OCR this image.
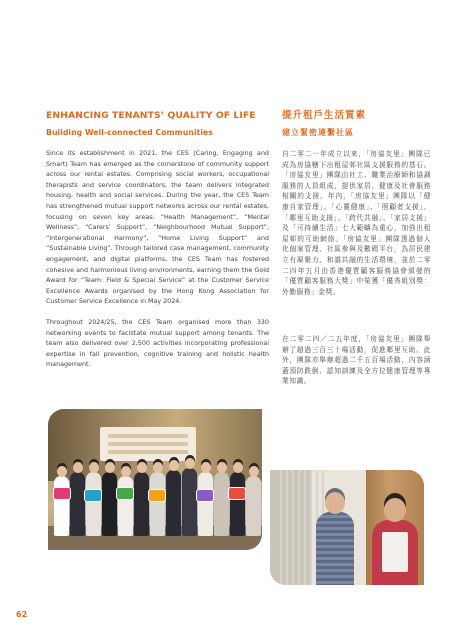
ENHANCING TENANTS’ QUALITY OF LIFE
Building Well-connected Communities

Since its establishment in 2021, the CES (Caring, Engaging and Smart) Team has emerged as the cornerstone of community support across our rental estates. Comprising social workers, occupational therapists and service coordinators, the team delivers integrated housing, health and social services. During the year, the CES Team has strengthened mutual support networks across our rental estates, focusing on seven key areas: “Health Management”, “Mental Wellness”, “Carers’ Support”, “Neighbourhood Mutual Support”, “Intergenerational Harmony”, “Home Living Support” and “Sustainable Living”. Through tailored case management, community engagement, and digital platforms, the CES Team has fostered cohesive and harmonious living environments, earning them the Gold Award for “Team: Field & Special Service” at the Customer Service Excellence Awards organised by the Hong Kong Association for Customer Service Excellence in May 2024.

Throughout 2024/25, the CES Team organised more than 330 networking events to facilitate mutual support among tenants. The team also delivered over 2,500 activities incorporating professional expertise in fall prevention, cognitive training and holistic health management.

提升租戶生活質素
建立緊密連繫社區

自二零二一年成立以來，「房協友里」團隊已成為房協轄下出租屋邨社區支援服務的基石。「房協友里」團隊由社工、職業治療師和協調服務的人員組成，提供家居、健康及社會服務相關的支援。年內，「房協友里」團隊以「健康自家管理」、「心靈健康」、「照顧者支援」、「鄰里互助支援」、「跨代共融」、「家居支援」及「可持續生活」七大範疇為重心，加強出租屋邨的互助網絡。「房協友里」團隊透過個人化個案管理、社區參與及數碼平台，為居民建立有凝聚力、和諧共融的生活環境，並於二零二四年五月由香港優質顧客服務協會頒發的「優質顧客服務大獎」中榮獲「優秀組別獎：外勤服務」金獎。

在二零二四／二五年度，「房協友里」團隊舉辦了超過三百三十場活動，促進鄰里互助。此外，團隊亦舉辦超過二千五百場活動，內容涵蓋預防跌倒、認知訓練及全方位健康管理等專業知識。

62
